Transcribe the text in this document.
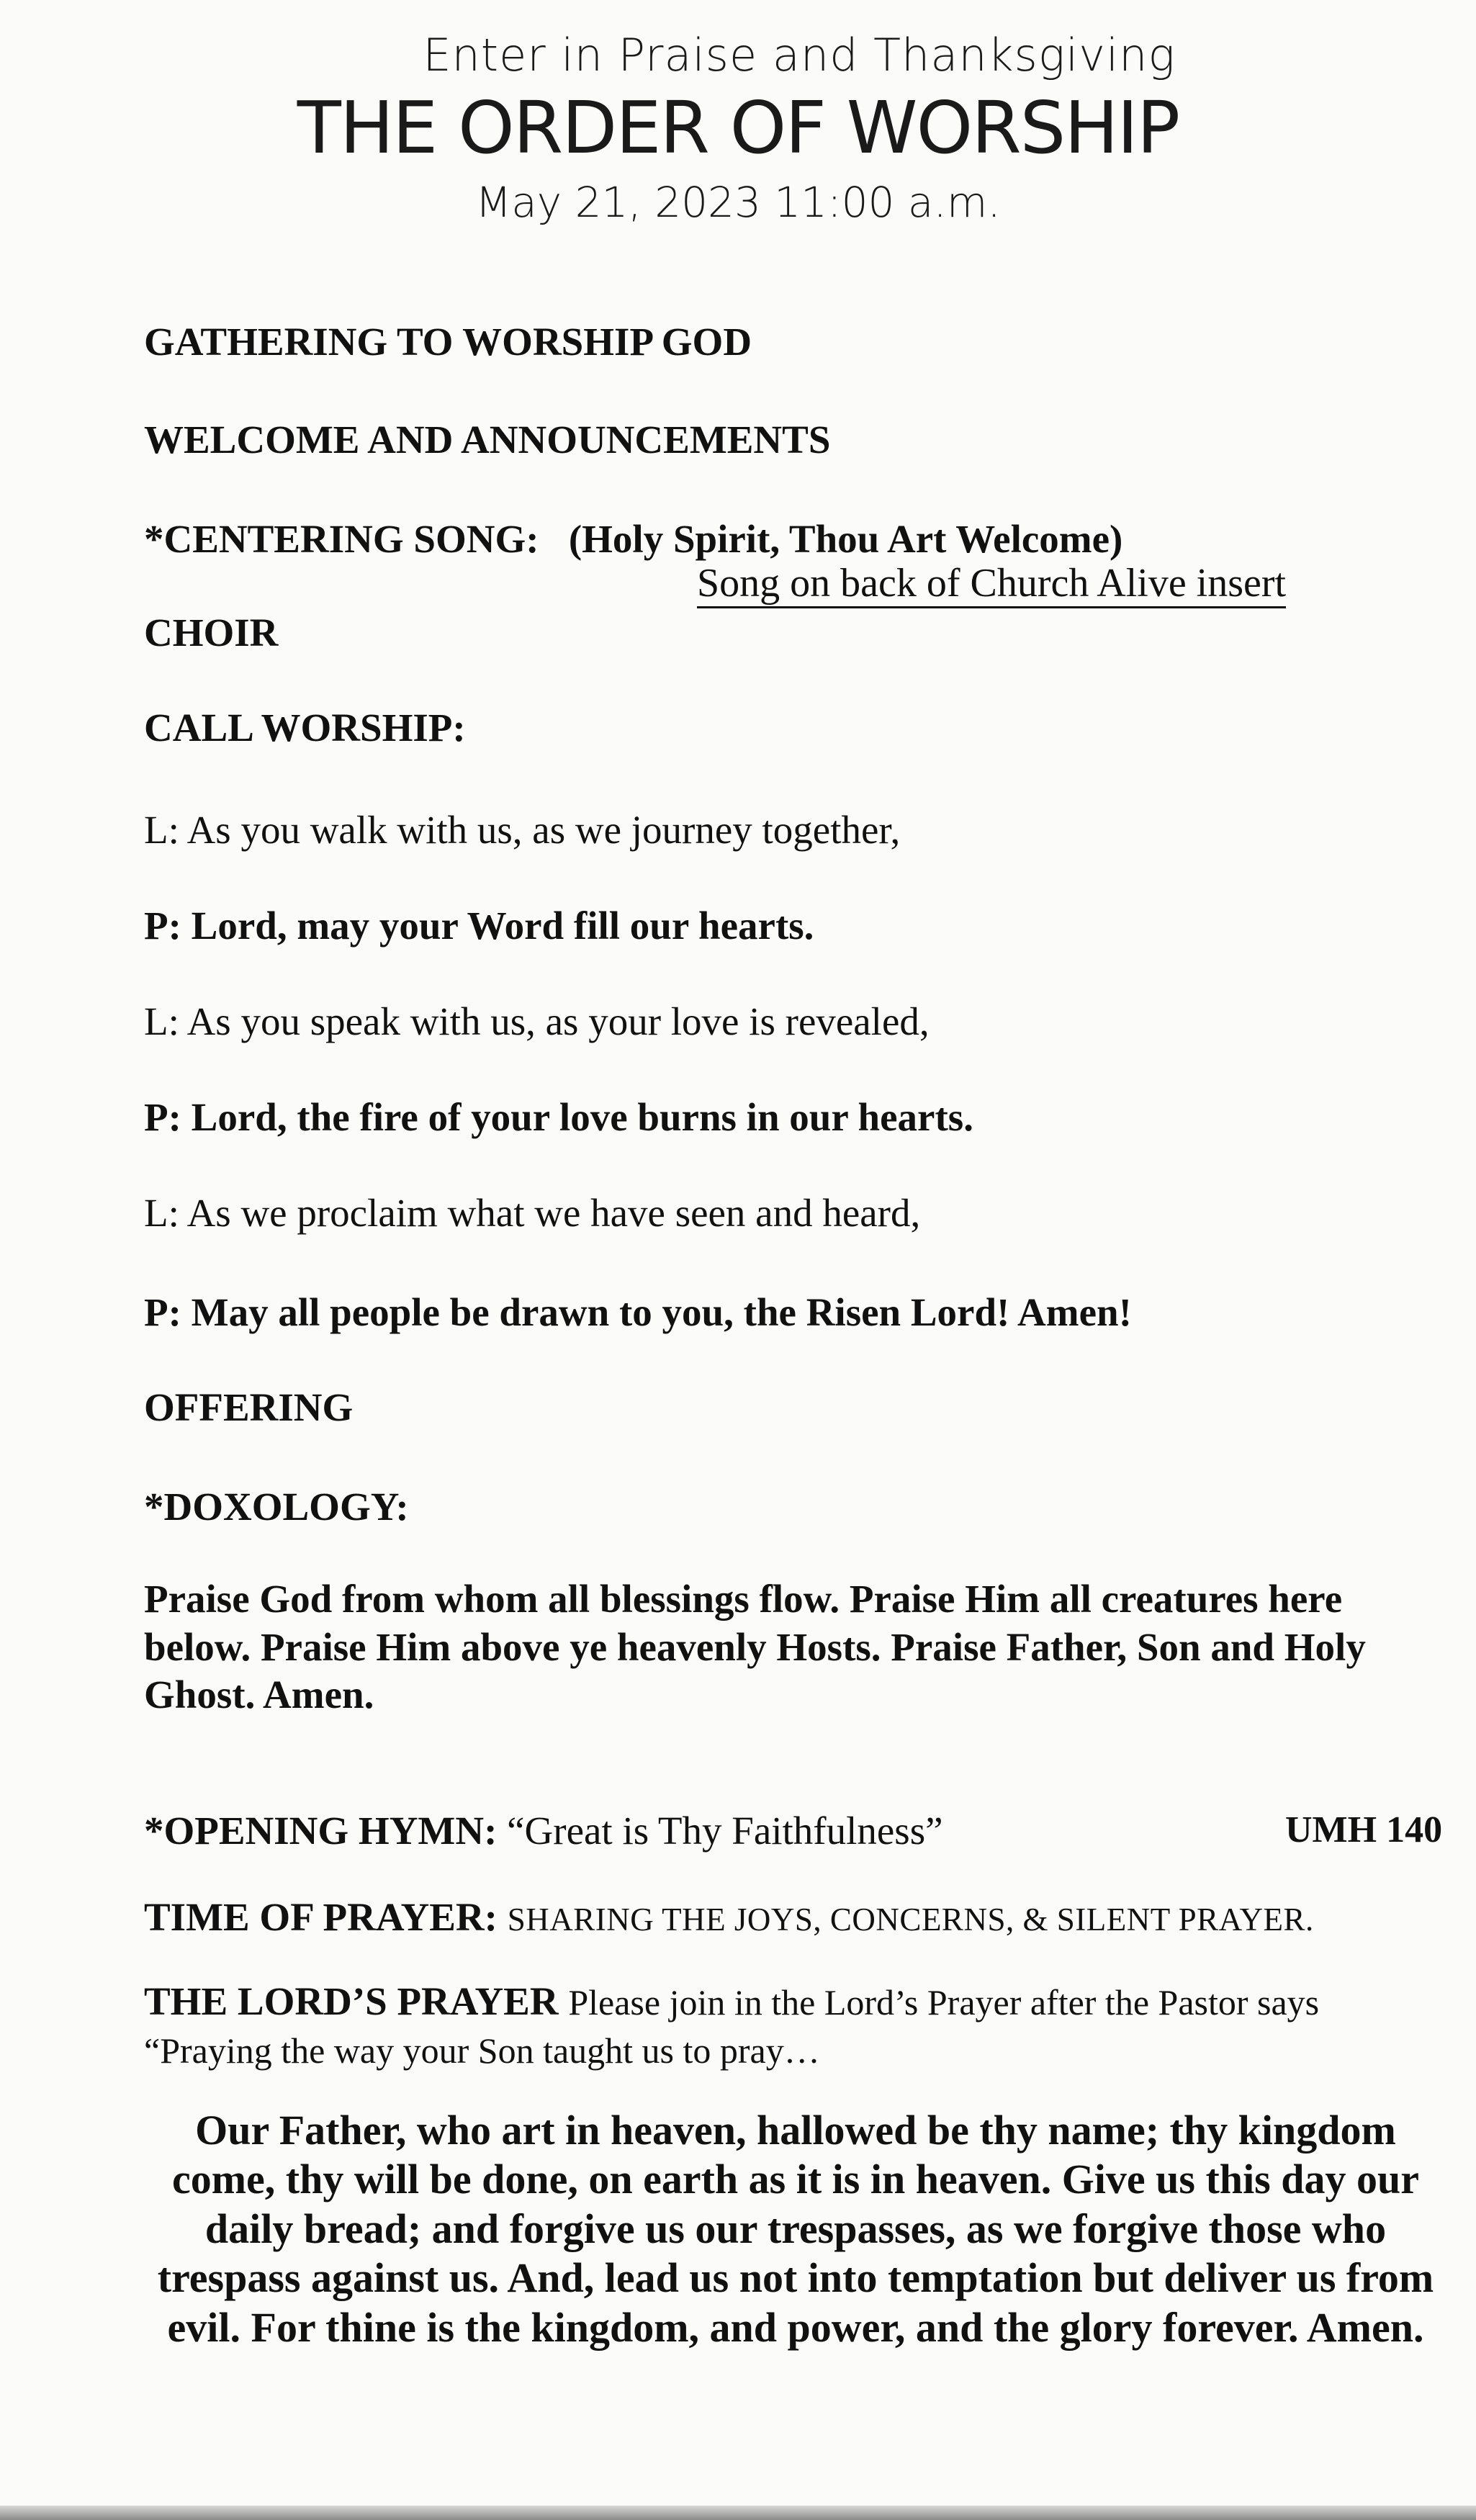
Enter in Praise and Thanksgiving
THE ORDER OF WORSHIP
May 21, 2023 11:00 a.m.
GATHERING TO WORSHIP GOD
WELCOME AND ANNOUNCEMENTS
*CENTERING SONG: (Holy Spirit, Thou Art Welcome)
Song on back of Church Alive insert
CHOIR
CALL WORSHIP:
L: As you walk with us, as we journey together,
P: Lord, may your Word fill our hearts.
L: As you speak with us, as your love is revealed,
P: Lord, the fire of your love burns in our hearts.
L: As we proclaim what we have seen and heard,
P: May all people be drawn to you, the Risen Lord! Amen!
OFFERING
*DOXOLOGY:
Praise God from whom all blessings flow. Praise Him all creatures here below. Praise Him above ye heavenly Hosts. Praise Father, Son and Holy Ghost. Amen.
*OPENING HYMN: “Great is Thy Faithfulness”	UMH 140
TIME OF PRAYER: SHARING THE JOYS, CONCERNS, & SILENT PRAYER.
THE LORD’S PRAYER Please join in the Lord’s Prayer after the Pastor says
“Praying the way your Son taught us to pray…
Our Father, who art in heaven, hallowed be thy name; thy kingdom come, thy will be done, on earth as it is in heaven. Give us this day our daily bread; and forgive us our trespasses, as we forgive those who trespass against us. And, lead us not into temptation but deliver us from evil. For thine is the kingdom, and power, and the glory forever. Amen.
